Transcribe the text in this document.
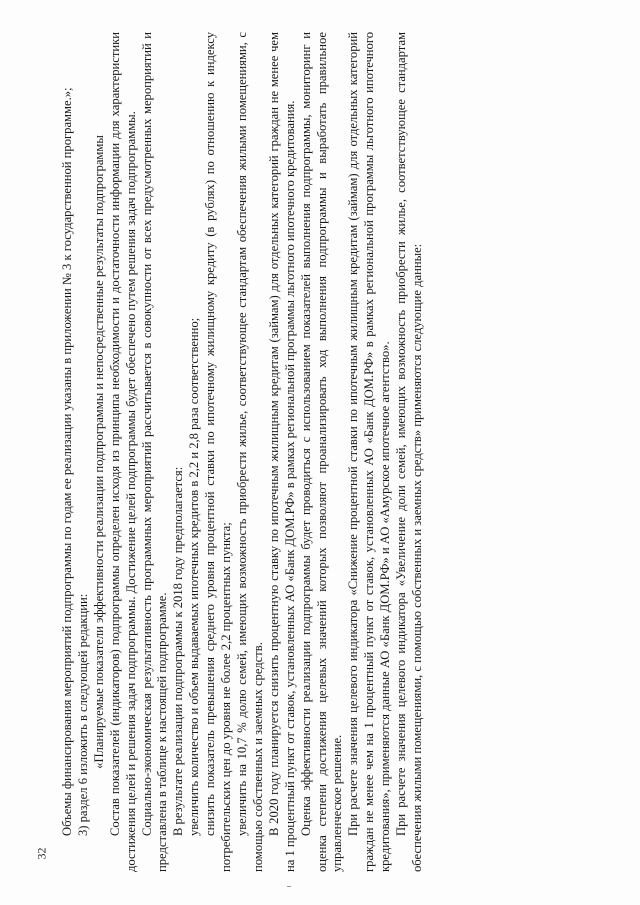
32

Объемы финансирования мероприятий подпрограммы по годам ее реализации указаны в приложении № 3 к государственной программе.»; 3) раздел 6 изложить в следующей редакции: «Планируемые показатели эффективности реализации подпрограммы и непосредственные результаты подпрограммы Состав показателей (индикаторов) подпрограммы определен исходя из принципа необходимости и достаточности информации для характеристики достижения целей и решения задач подпрограммы. Достижение целей подпрограммы будет обеспечено путем решения задач подпрограммы. Социально-экономическая результативность программных мероприятий рассчитывается в совокупности от всех предусмотренных мероприятий и представлена в таблице к настоящей подпрограмме. В результате реализации подпрограммы к 2018 году предполагается: увеличить количество и объем выдаваемых ипотечных кредитов в 2,2 и 2,8 раза соответственно; снизить показатель превышения среднего уровня процентной ставки по ипотечному жилищному кредиту (в рублях) по отношению к индексу потребительских цен до уровня не более 2,2 процентных пункта; увеличить на 10,7 % долю семей, имеющих возможность приобрести жилье, соответствующее стандартам обеспечения жилыми помещениями, с помощью собственных и заемных средств. В 2020 году планируется снизить процентную ставку по ипотечным жилищным кредитам (займам) для отдельных категорий граждан не менее чем на 1 процентный пункт от ставок, установленных АО «Банк ДОМ.РФ» в рамках региональной программы льготного ипотечного кредитования. Оценка эффективности реализации подпрограммы будет проводиться с использованием показателей выполнения подпрограммы, мониторинг и оценка степени достижения целевых значений которых позволяют проанализировать ход выполнения подпрограммы и выработать правильное управленческое решение. При расчете значения целевого индикатора «Снижение процентной ставки по ипотечным жилищным кредитам (займам) для отдельных категорий граждан не менее чем на 1 процентный пункт от ставок, установленных АО «Банк ДОМ.РФ» в рамках региональной программы льготного ипотечного кредитования», применяются данные АО «Банк ДОМ.РФ» и АО «Амурское ипотечное агентство». При расчете значения целевого индикатора «Увеличение доли семей, имеющих возможность приобрести жилье, соответствующее стандартам обеспечения жилыми помещениями, с помощью собственных и заемных средств» применяются следующие данные:
